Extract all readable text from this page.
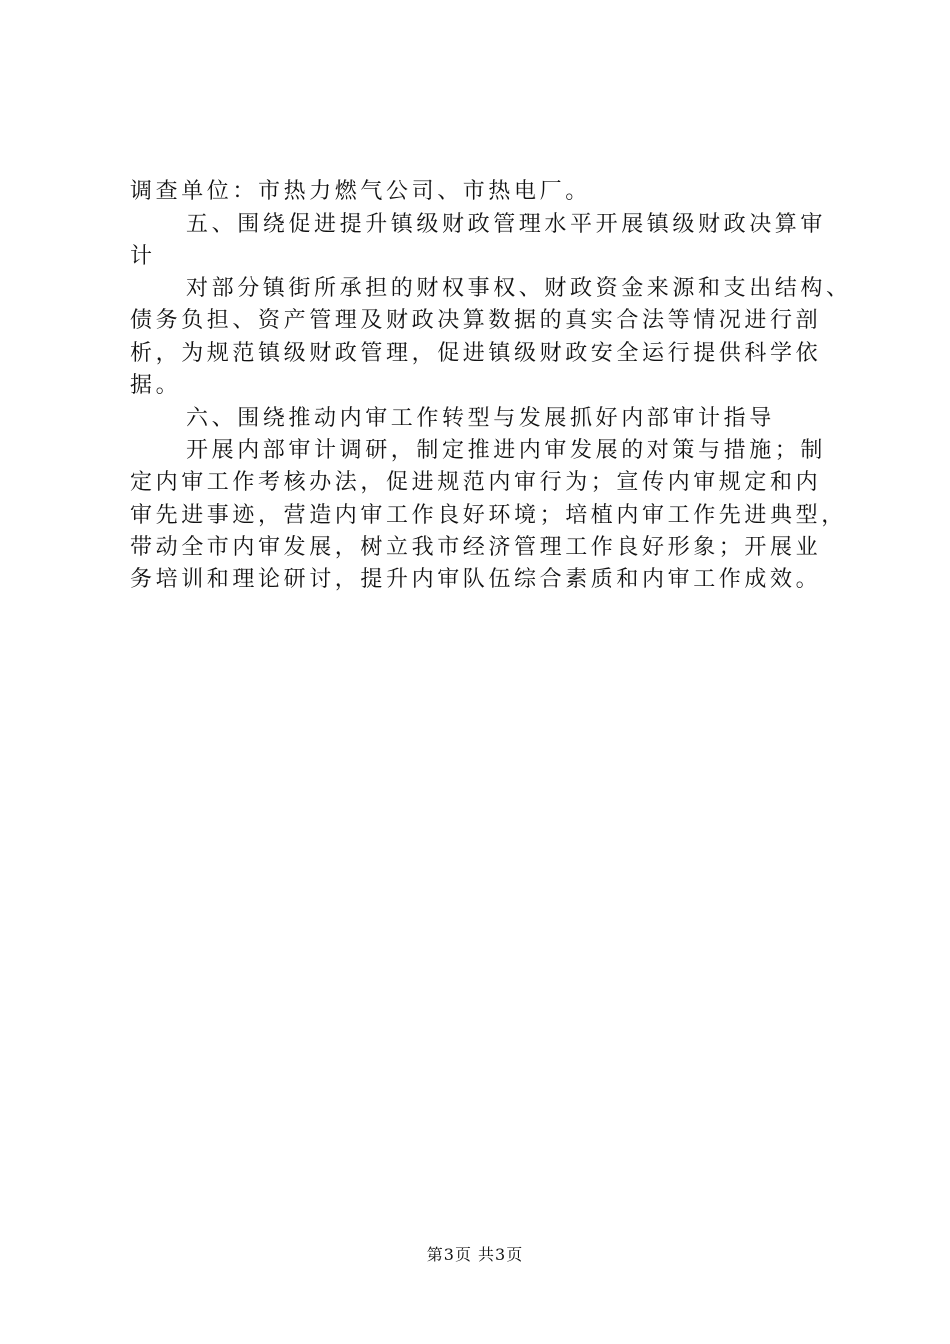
调查单位：市热力燃气公司、市热电厂。
五、围绕促进提升镇级财政管理水平开展镇级财政决算审
计
对部分镇街所承担的财权事权、财政资金来源和支出结构、
债务负担、资产管理及财政决算数据的真实合法等情况进行剖
析，为规范镇级财政管理，促进镇级财政安全运行提供科学依
据。
六、围绕推动内审工作转型与发展抓好内部审计指导
开展内部审计调研，制定推进内审发展的对策与措施；制
定内审工作考核办法，促进规范内审行为；宣传内审规定和内
审先进事迹，营造内审工作良好环境；培植内审工作先进典型，
带动全市内审发展，树立我市经济管理工作良好形象；开展业
务培训和理论研讨，提升内审队伍综合素质和内审工作成效。
第3页 共3页
